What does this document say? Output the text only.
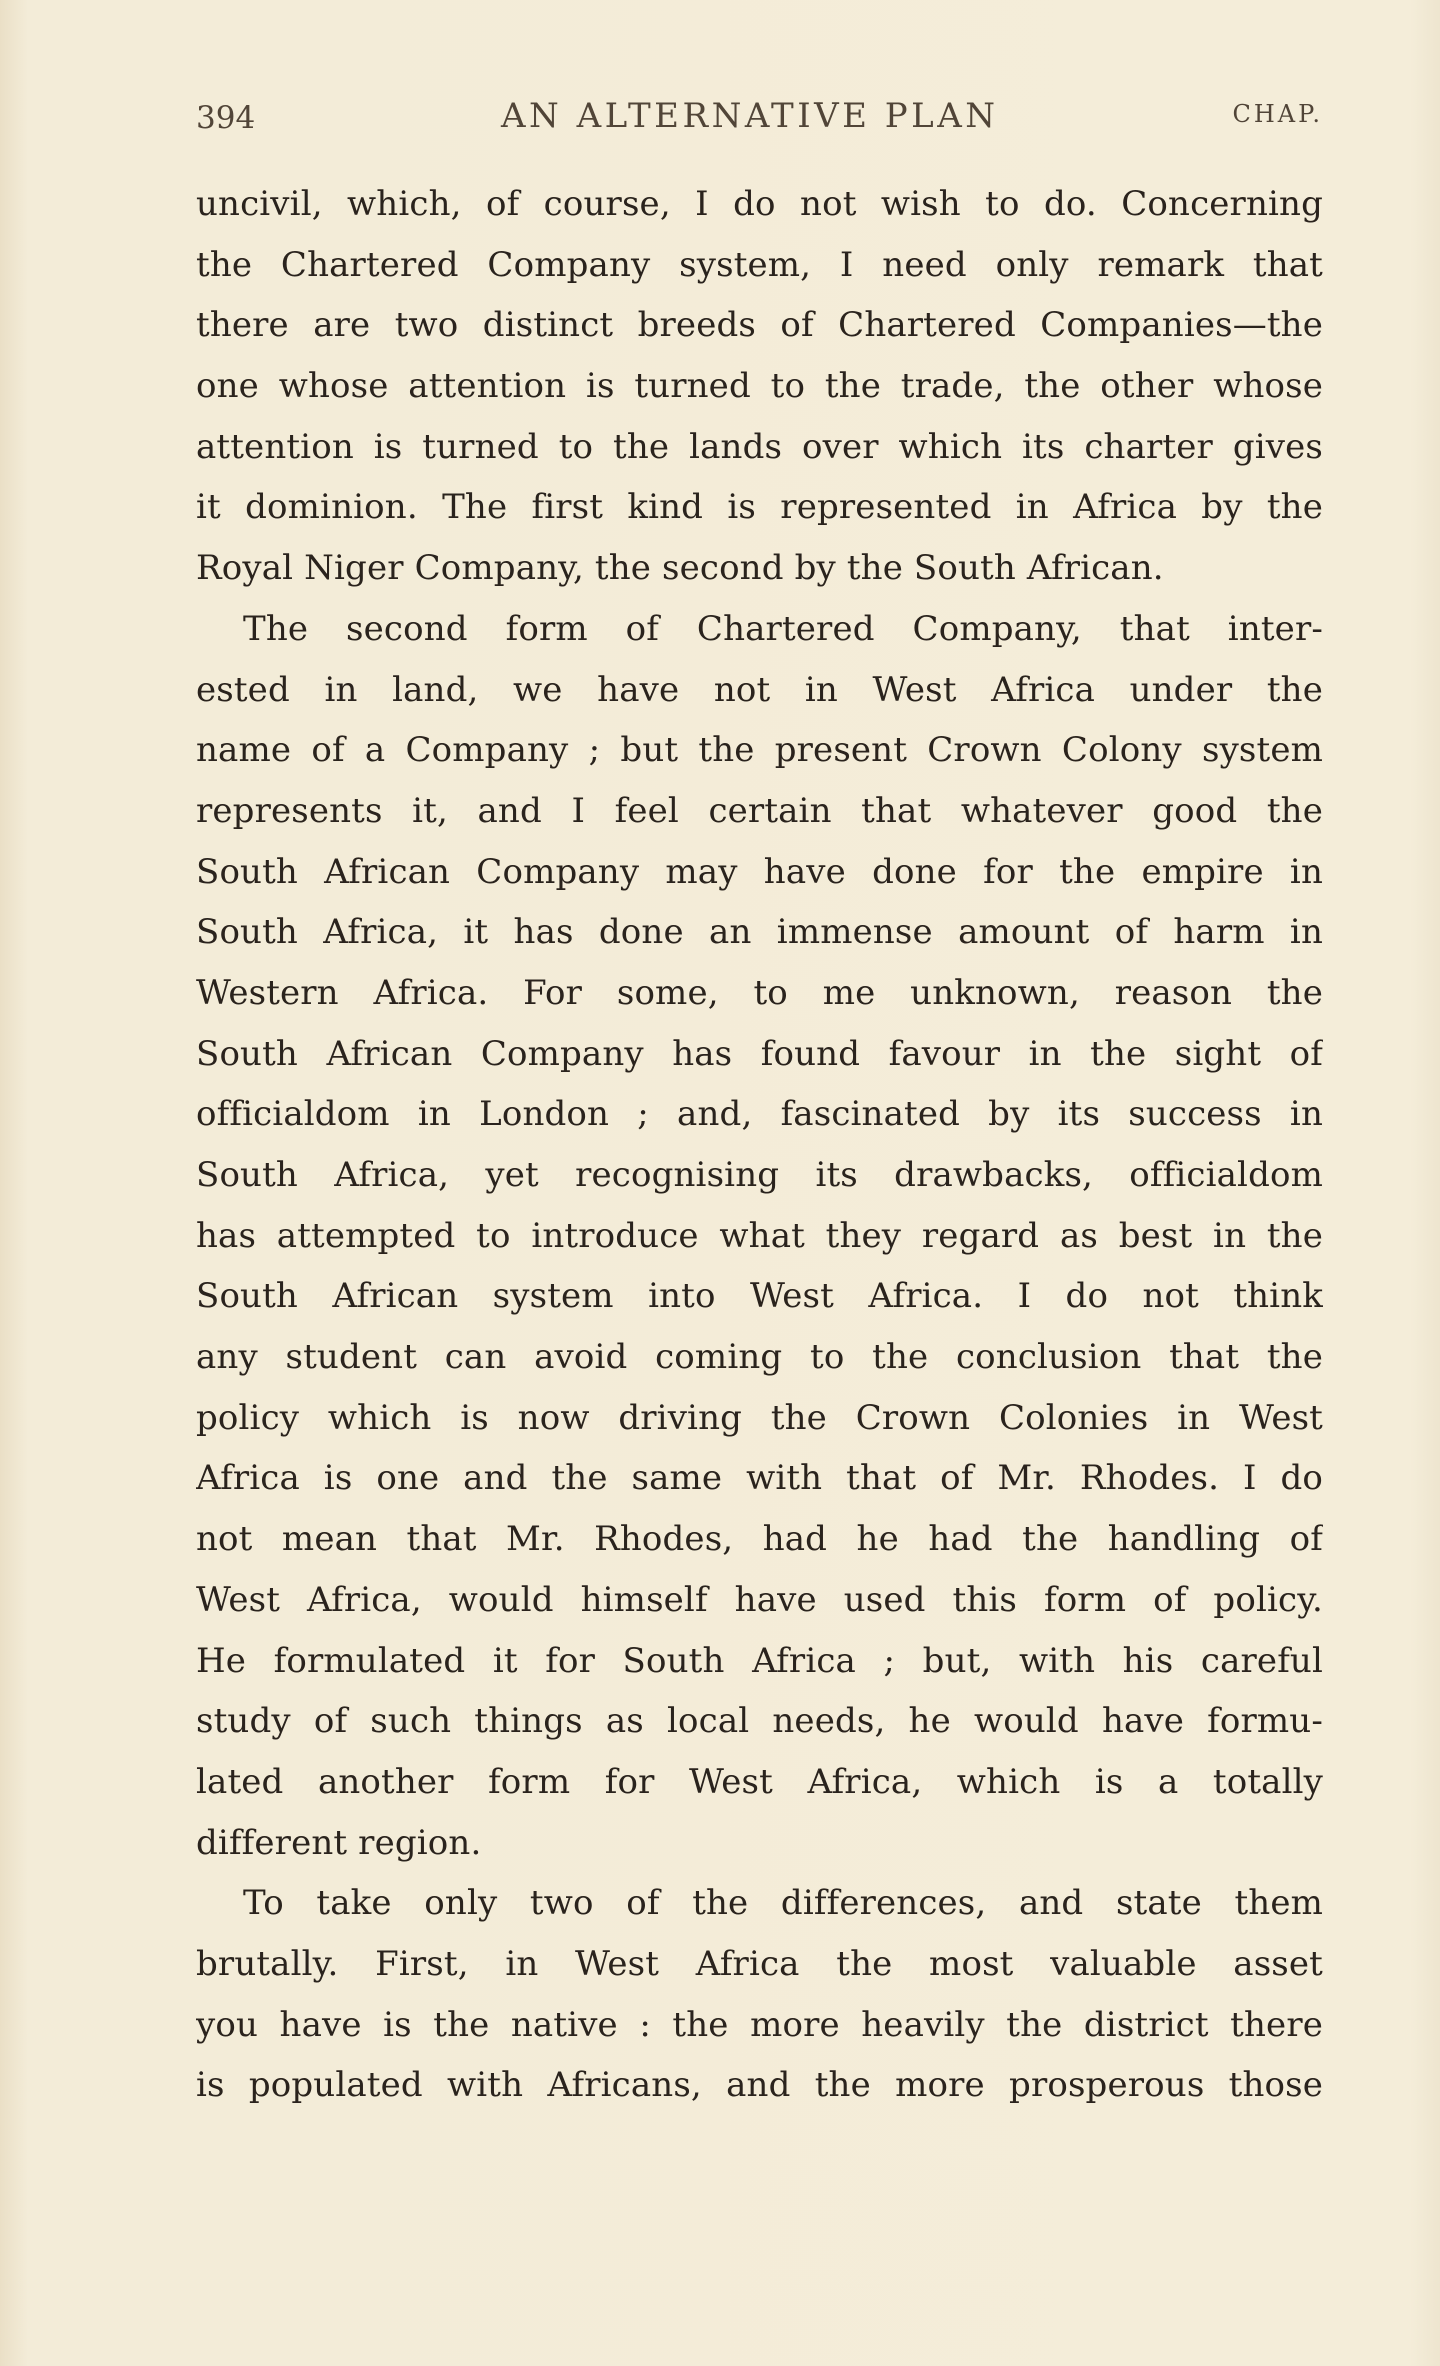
394	AN ALTERNATIVE PLAN	CHAP.

uncivil, which, of course, I do not wish to do. Concerning
the Chartered Company system, I need only remark that
there are two distinct breeds of Chartered Companies—the
one whose attention is turned to the trade, the other whose
attention is turned to the lands over which its charter gives
it dominion. The first kind is represented in Africa by the
Royal Niger Company, the second by the South African.

The second form of Chartered Company, that inter-
ested in land, we have not in West Africa under the
name of a Company ; but the present Crown Colony system
represents it, and I feel certain that whatever good the
South African Company may have done for the empire in
South Africa, it has done an immense amount of harm in
Western Africa. For some, to me unknown, reason the
South African Company has found favour in the sight of
officialdom in London ; and, fascinated by its success in
South Africa, yet recognising its drawbacks, officialdom
has attempted to introduce what they regard as best in the
South African system into West Africa. I do not think
any student can avoid coming to the conclusion that the
policy which is now driving the Crown Colonies in West
Africa is one and the same with that of Mr. Rhodes. I do
not mean that Mr. Rhodes, had he had the handling of
West Africa, would himself have used this form of policy.
He formulated it for South Africa ; but, with his careful
study of such things as local needs, he would have formu-
lated another form for West Africa, which is a totally
different region.

To take only two of the differences, and state them
brutally. First, in West Africa the most valuable asset
you have is the native : the more heavily the district there
is populated with Africans, and the more prosperous those
